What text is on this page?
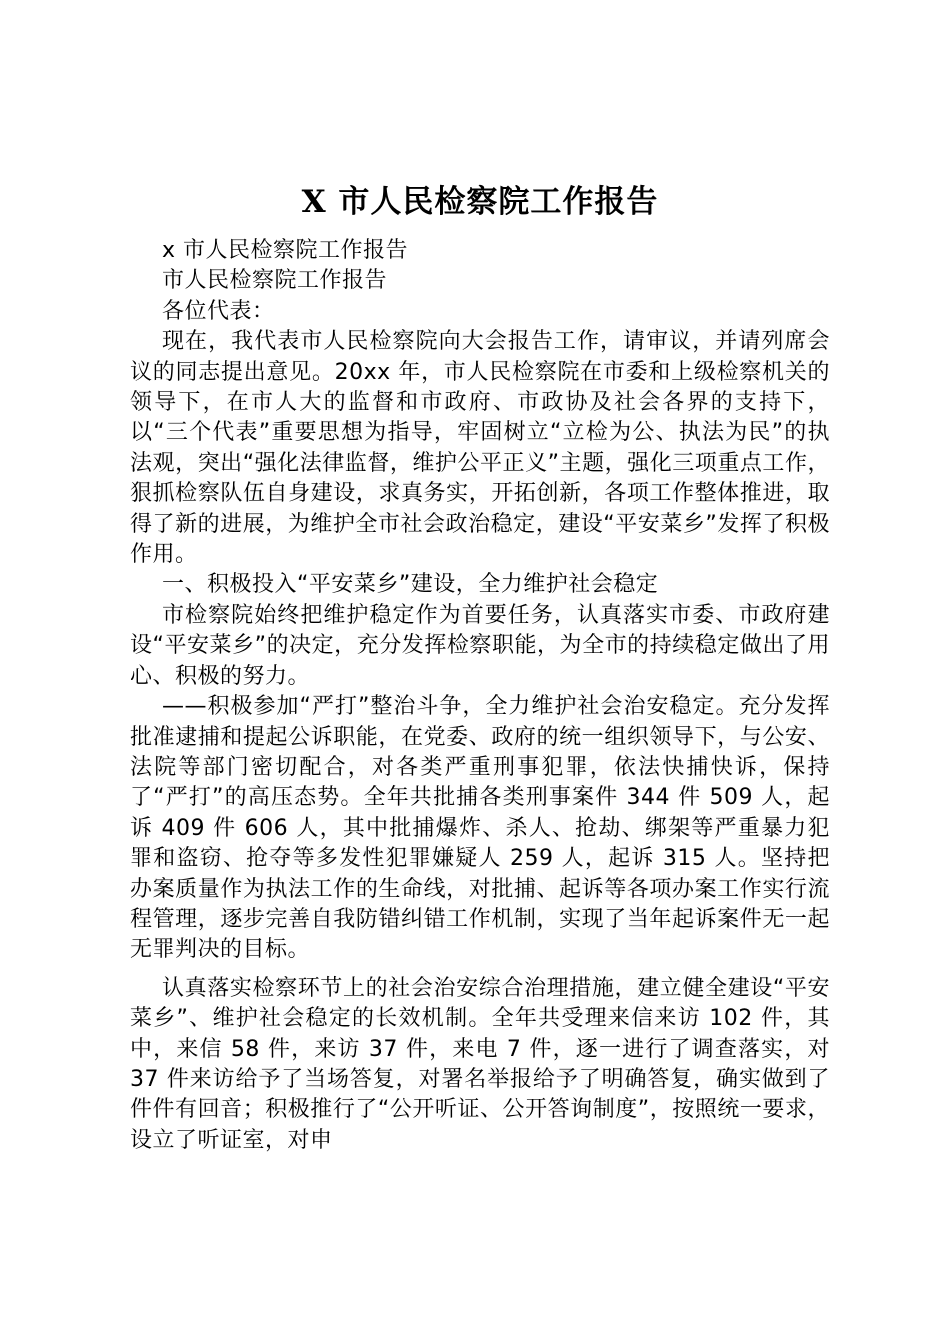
X 市人民检察院工作报告

x 市人民检察院工作报告

市人民检察院工作报告

各位代表：

现在，我代表市人民检察院向大会报告工作，请审议，并请列席会议的同志提出意见。20xx 年，市人民检察院在市委和上级检察机关的领导下，在市人大的监督和市政府、市政协及社会各界的支持下，以“三个代表”重要思想为指导，牢固树立“立检为公、执法为民”的执法观，突出“强化法律监督，维护公平正义”主题，强化三项重点工作，狠抓检察队伍自身建设，求真务实，开拓创新，各项工作整体推进，取得了新的进展，为维护全市社会政治稳定，建设“平安菜乡”发挥了积极作用。

一、积极投入“平安菜乡”建设，全力维护社会稳定

市检察院始终把维护稳定作为首要任务，认真落实市委、市政府建设“平安菜乡”的决定，充分发挥检察职能，为全市的持续稳定做出了用心、积极的努力。

——积极参加“严打”整治斗争，全力维护社会治安稳定。充分发挥批准逮捕和提起公诉职能，在党委、政府的统一组织领导下，与公安、法院等部门密切配合，对各类严重刑事犯罪，依法快捕快诉，保持了“严打”的高压态势。全年共批捕各类刑事案件 344 件 509 人，起诉 409 件 606 人，其中批捕爆炸、杀人、抢劫、绑架等严重暴力犯罪和盗窃、抢夺等多发性犯罪嫌疑人 259 人，起诉 315 人。坚持把办案质量作为执法工作的生命线，对批捕、起诉等各项办案工作实行流程管理，逐步完善自我防错纠错工作机制，实现了当年起诉案件无一起无罪判决的目标。

认真落实检察环节上的社会治安综合治理措施，建立健全建设“平安菜乡”、维护社会稳定的长效机制。全年共受理来信来访 102 件，其中，来信 58 件，来访 37 件，来电 7 件，逐一进行了调查落实，对 37 件来访给予了当场答复，对署名举报给予了明确答复，确实做到了件件有回音；积极推行了“公开听证、公开答询制度”，按照统一要求，设立了听证室，对申
